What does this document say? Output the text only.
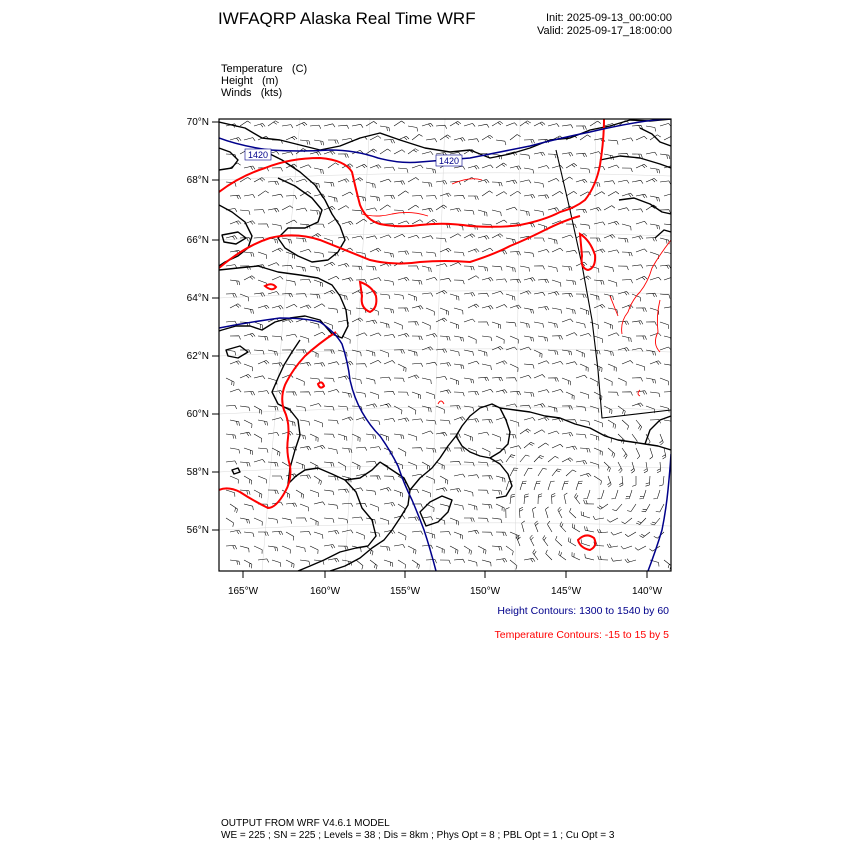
IWFAQRP Alaska Real Time WRF	Init: 2025-09-13_00:00:00
Valid: 2025-09-17_18:00:00
Temperature   (C)
Height   (m)
Winds   (kts)
1420
1420
70°N
68°N
66°N
64°N
62°N
60°N
58°N
56°N
165°W	160°W	155°W	150°W	145°W	140°W
Height Contours: 1300 to 1540 by 60
Temperature Contours: -15 to 15 by 5
OUTPUT FROM WRF V4.6.1 MODEL
WE = 225 ; SN = 225 ; Levels = 38 ; Dis = 8km ; Phys Opt = 8 ; PBL Opt = 1 ; Cu Opt = 3
